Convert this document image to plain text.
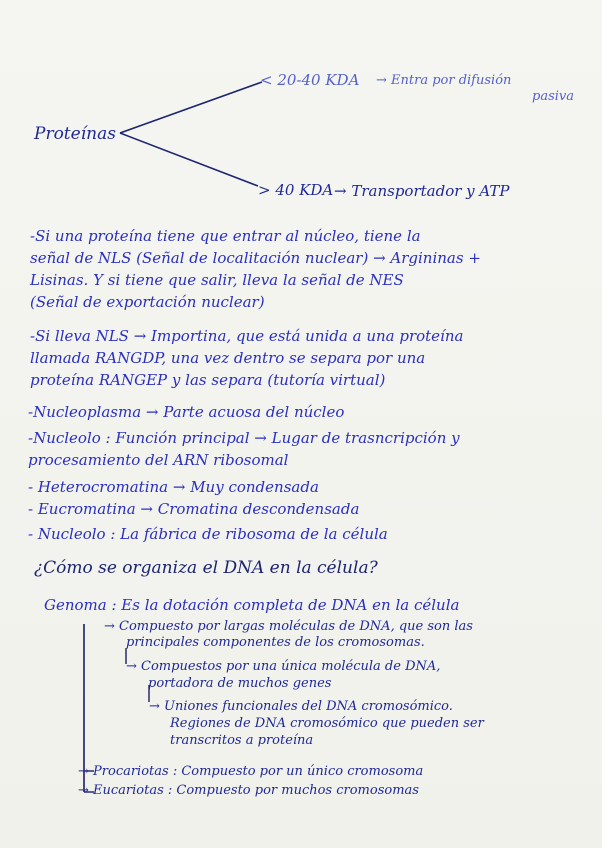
Proteínas
< 20-40 KDA → Entra por difusión
pasiva
> 40 KDA → Transportador y ATP
-Si una proteína tiene que entrar al núcleo, tiene la
señal de NLS (Señal de localitación nuclear) → Argininas +
Lisinas. Y si tiene que salir, lleva la señal de NES
(Señal de exportación nuclear)
-Si lleva NLS → Importina, que está unida a una proteína
llamada RANGDP, una vez dentro se separa por una
proteína RANGEP y las separa (tutoría virtual)
-Nucleoplasma → Parte acuosa del núcleo
-Nucleolo : Función principal → Lugar de trasncripción y
procesamiento del ARN ribosomal
- Heterocromatina → Muy condensada
- Eucromatina → Cromatina descondensada
- Nucleolo : La fábrica de ribosoma de la célula
¿Cómo se organiza el DNA en la célula?
Genoma : Es la dotación completa de DNA en la célula
→ Compuesto por largas moléculas de DNA, que son las
principales componentes de los cromosomas.
→ Compuestos por una única molécula de DNA,
portadora de muchos genes
→ Uniones funcionales del DNA cromosómico.
Regiones de DNA cromosómico que pueden ser
transcritos a proteína
→ Procariotas : Compuesto por un único cromosoma
→ Eucariotas : Compuesto por muchos cromosomas
